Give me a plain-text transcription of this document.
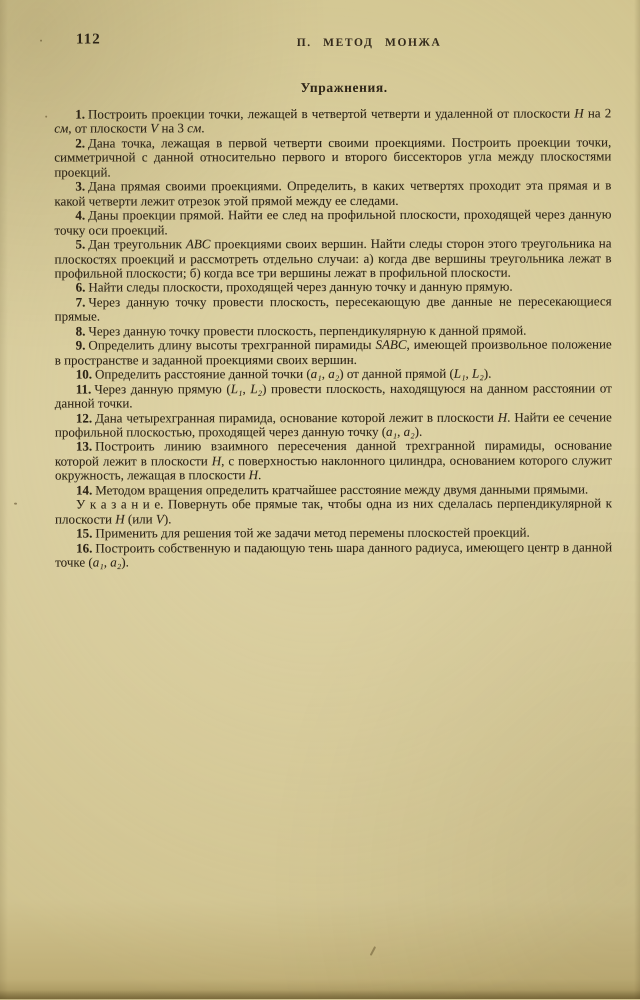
112	П. МЕТОД МОНЖА
Упражнения.

1. Построить проекции точки, лежащей в четвертой четверти и удаленной от плоскости H на 2 см, от плоскости V на 3 см.

2. Дана точка, лежащая в первой четверти своими проекциями. Построить проекции точки, симметричной с данной относительно первого и второго биссекторов угла между плоскостями проекций.

3. Дана прямая своими проекциями. Определить, в каких четвертях проходит эта прямая и в какой четверти лежит отрезок этой прямой между ее следами.

4. Даны проекции прямой. Найти ее след на профильной плоскости, проходящей через данную точку оси проекций.

5. Дан треугольник ABC проекциями своих вершин. Найти следы сторон этого треугольника на плоскостях проекций и рассмотреть отдельно случаи: а) когда две вершины треугольника лежат в профильной плоскости; б) когда все три вершины лежат в профильной плоскости.

6. Найти следы плоскости, проходящей через данную точку и данную прямую.

7. Через данную точку провести плоскость, пересекающую две данные не пересекающиеся прямые.

8. Через данную точку провести плоскость, перпендикулярную к данной прямой.

9. Определить длину высоты трехгранной пирамиды SABC, имеющей произвольное положение в пространстве и заданной проекциями своих вершин.

10. Определить расстояние данной точки (a₁, a₂) от данной прямой (L₁, L₂).

11. Через данную прямую (L₁, L₂) провести плоскость, находящуюся на данном расстоянии от данной точки.

12. Дана четырехгранная пирамида, основание которой лежит в плоскости H. Найти ее сечение профильной плоскостью, проходящей через данную точку (a₁, a₂).

13. Построить линию взаимного пересечения данной трехгранной пирамиды, основание которой лежит в плоскости H, с поверхностью наклонного цилиндра, основанием которого служит окружность, лежащая в плоскости H.

14. Методом вращения определить кратчайшее расстояние между двумя данными прямыми.

У к а з а н и е. Повернуть обе прямые так, чтобы одна из них сделалась перпендикулярной к плоскости H (или V).

15. Применить для решения той же задачи метод перемены плоскостей проекций.

16. Построить собственную и падающую тень шара данного радиуса, имеющего центр в данной точке (a₁, a₂).
